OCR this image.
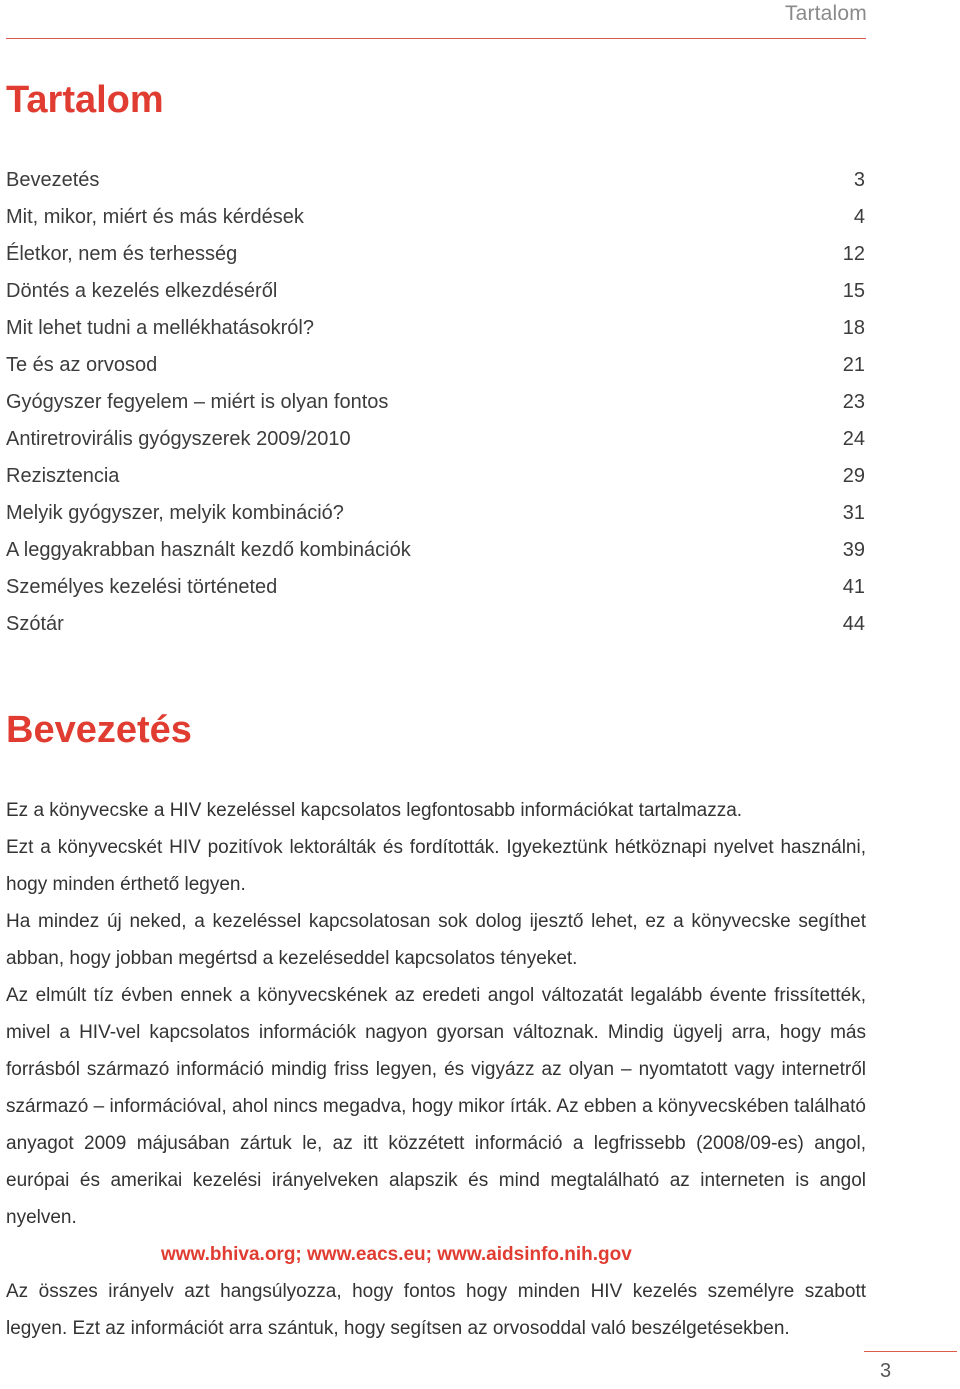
Tartalom
Tartalom
Bevezetés	3
Mit, mikor, miért és más kérdések	4
Életkor, nem és terhesség	12
Döntés a kezelés elkezdéséről	15
Mit lehet tudni a mellékhatásokról?	18
Te és az orvosod	21
Gyógyszer fegyelem – miért is olyan fontos	23
Antiretrovirális gyógyszerek 2009/2010	24
Rezisztencia	29
Melyik gyógyszer, melyik kombináció?	31
A leggyakrabban használt kezdő kombinációk	39
Személyes kezelési történeted	41
Szótár	44
Bevezetés

Ez a könyvecske a HIV kezeléssel kapcsolatos legfontosabb információkat tartalmazza.

Ezt a könyvecskét HIV pozitívok lektorálták és fordították. Igyekeztünk hétköznapi nyelvet használni, hogy minden érthető legyen.

Ha mindez új neked, a kezeléssel kapcsolatosan sok dolog ijesztő lehet, ez a könyvecske segíthet abban, hogy jobban megértsd a kezeléseddel kapcsolatos tényeket.

Az elmúlt tíz évben ennek a könyvecskének az eredeti angol változatát legalább évente frissítették, mivel a HIV-vel kapcsolatos információk nagyon gyorsan változnak. Mindig ügyelj arra, hogy más forrásból származó információ mindig friss legyen, és vigyázz az olyan – nyomtatott vagy internetről származó – információval, ahol nincs megadva, hogy mikor írták. Az ebben a könyvecskében található anyagot 2009 májusában zártuk le, az itt közzétett információ a legfrissebb (2008/09-es) angol, európai és amerikai kezelési irányelveken alapszik és mind megtalálható az interneten is angol nyelven.

www.bhiva.org; www.eacs.eu; www.aidsinfo.nih.gov

Az összes irányelv azt hangsúlyozza, hogy fontos hogy minden HIV kezelés személyre szabott legyen. Ezt az információt arra szántuk, hogy segítsen az orvosoddal való beszélgetésekben.

3
